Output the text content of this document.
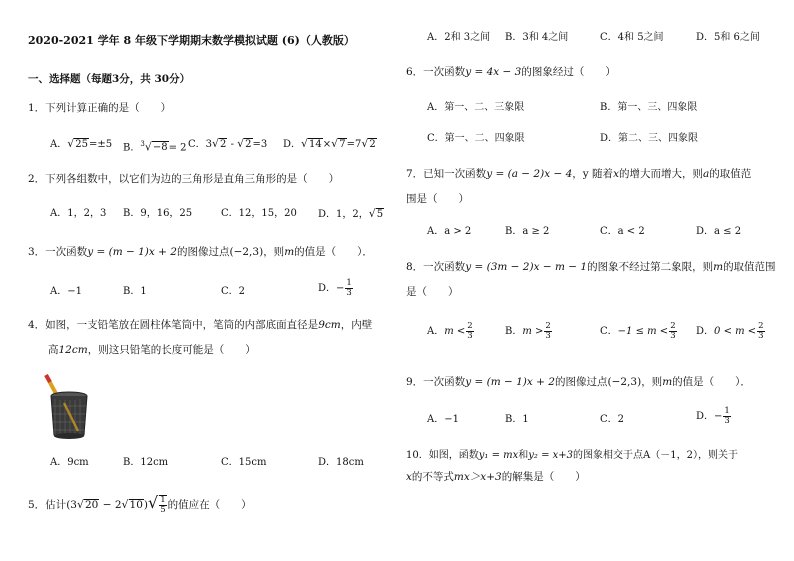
2020-2021 学年 8 年级下学期期末数学模拟试题 (6)（人教版）
一、选择题（每题3分，共 30分）
1．下列计算正确的是（　　）
A．√25=±5 B．$^3$√−8= 2 C．3√2 - √2=3 D．√14×√7=7√2
2．下列各组数中，以它们为边的三角形是直角三角形的是（　　）
A．1，2，3 B．9，16，25	C．12，15，20 D．1，2，√5
3．一次函数y = (m − 1)x + 2的图像过点(−2,3)，则m的值是（　　）．
A．−1	B．1	C．2	D．− $\frac{1}{3}$
4．如图，一支铅笔放在圆柱体笔筒中，笔筒的内部底面直径是9cm，内壁
高12cm，则这只铅笔的长度可能是（　　）
A．9cm	B．12cm	C．15cm	D．18cm
5．估计$(3√20 - 2√10)√ \frac{1}{5}$ 的值应在（　　）
A．2和 3之间 B．3和 4之间	C．4和 5之间	D．5和 6之间
6．一次函数y = 4x − 3的图象经过（　　）
A．第一、二、三象限	B．第一、三、四象限
C．第一、二、四象限	D．第二、三、四象限
7．已知一次函数y = (a − 2)x − 4，y 随着x的增大而增大，则a的取值范
围是（　　）
A．a > 2	B．a ≥ 2	C．a < 2	D．a ≤ 2
8．一次函数y = (3m − 2)x − m − 1的图象不经过第二象限，则m的取值范围
是（　　）
A．$m < \frac{2}{3}$	B．$m > \frac{2}{3}$	C．$-1 \le m < \frac{2}{3}$ D．$0 < m < \frac{2}{3}$
9．一次函数y = (m − 1)x + 2的图像过点(−2,3)，则m的值是（　　）．
A．−1	B．1	C．2	D．− $\frac{1}{3}$
10．如图，函数y₁ = mx和y₂ = x+3的图象相交于点A（－1，2），则关于
x的不等式mx＞x+3的解集是（　　）
